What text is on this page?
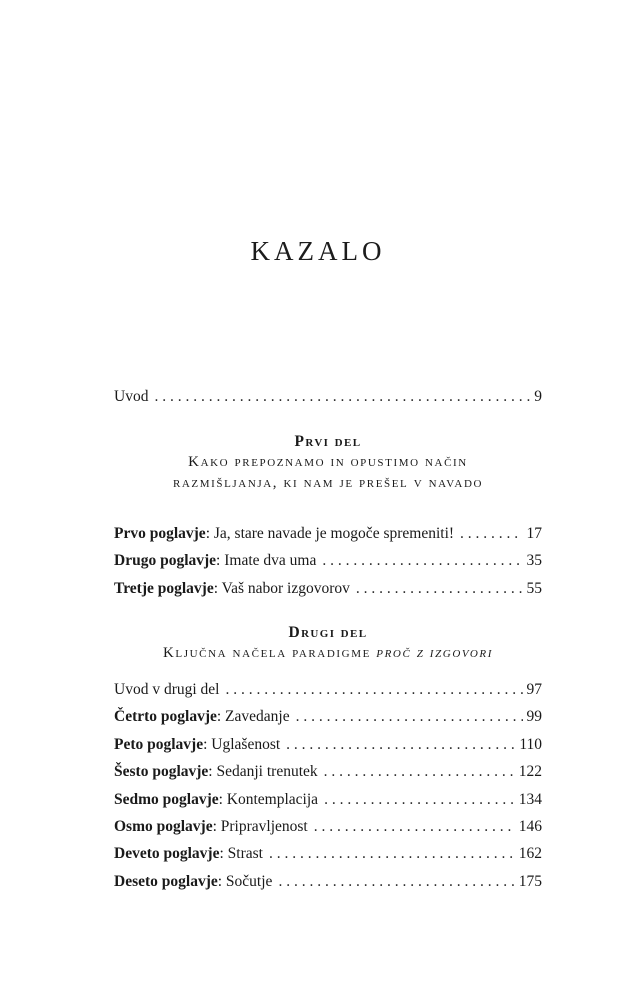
KAZALO
Uvod . . .	9
Prvi del
Kako prepoznamo in opustimo način
razmišljanja, ki nam je prešel v navado
Prvo poglavje: Ja, stare navade je mogoče spremeniti! . . .	17
Drugo poglavje: Imate dva uma . . .	35
Tretje poglavje: Vaš nabor izgovorov . . .	55
Drugi del
Ključna načela paradigme proč z izgovori
Uvod v drugi del . . .	97
Četrto poglavje: Zavedanje . . .	99
Peto poglavje: Uglašenost . . .	110
Šesto poglavje: Sedanji trenutek . . .	122
Sedmo poglavje: Kontemplacija . . .	134
Osmo poglavje: Pripravljenost . . .	146
Deveto poglavje: Strast . . .	162
Deseto poglavje: Sočutje . . .	175
